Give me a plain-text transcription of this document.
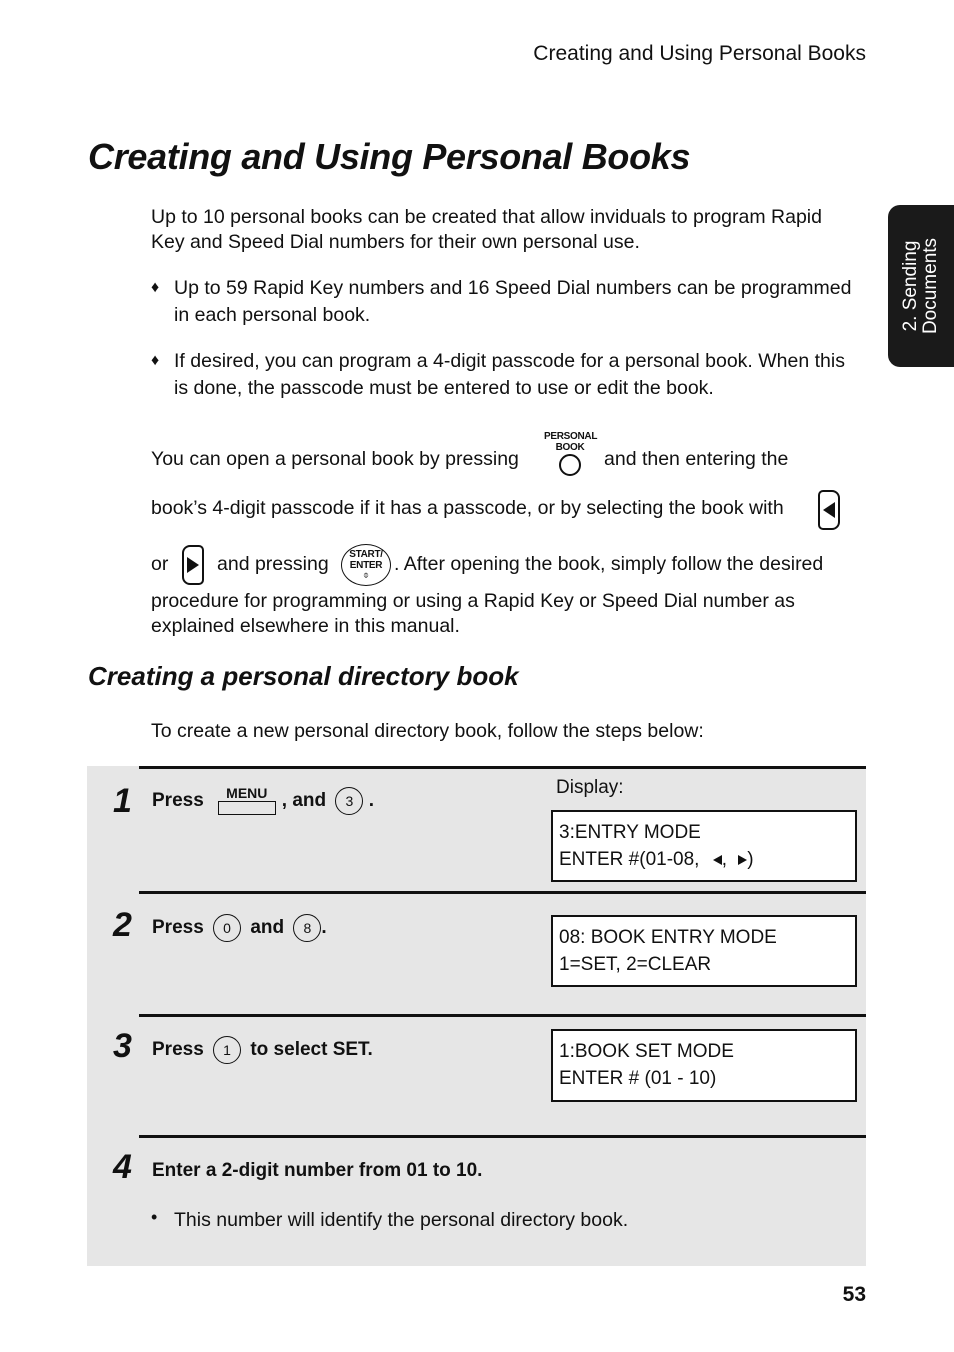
Creating and Using Personal Books
2. Sending Documents
Creating and Using Personal Books
Up to 10 personal books can be created that allow inviduals to program Rapid Key and Speed Dial numbers for their own personal use.
♦ Up to 59 Rapid Key numbers and 16 Speed Dial numbers can be programmed in each personal book.
♦ If desired, you can program a 4-digit passcode for a personal book. When this is done, the passcode must be entered to use or edit the book.
You can open a personal book by pressing
PERSONAL
BOOK
and then entering the
book’s 4-digit passcode if it has a passcode, or by selecting the book with
or and pressing	START/
ENTER
⌽
. After opening the book, simply follow the desired
procedure for programming or using a Rapid Key or Speed Dial number as
explained elsewhere in this manual.
Creating a personal directory book
To create a new personal directory book, follow the steps below:
Display:
1 Press	MENU , and 3 .
3:ENTRY MODE
ENTER #(01-08, , )
2 Press 0 and 8 .	08: BOOK ENTRY MODE
1=SET, 2=CLEAR
3 Press 1 to select SET.	1:BOOK SET MODE
ENTER # (01 - 10)
4 Enter a 2-digit number from 01 to 10.
• This number will identify the personal directory book.
53
